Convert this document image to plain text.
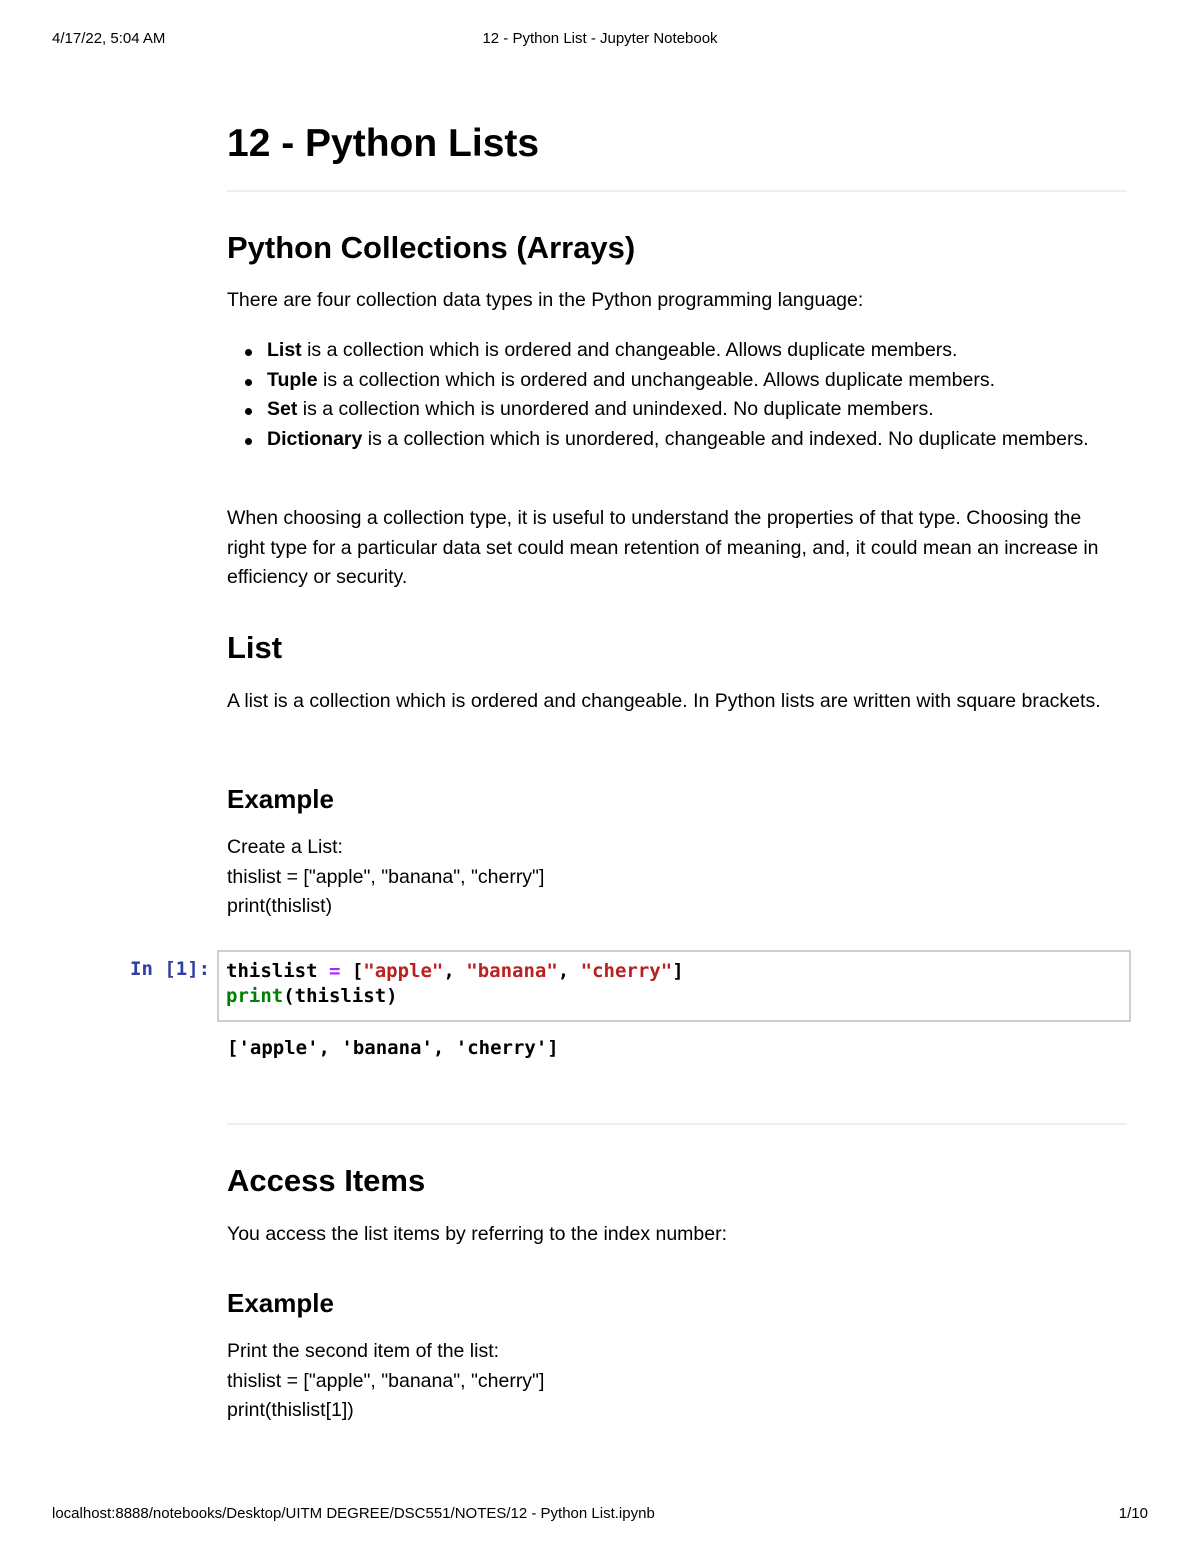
4/17/22, 5:04 AM	12 - Python List - Jupyter Notebook
12 - Python Lists
Python Collections (Arrays)

There are four collection data types in the Python programming language:

List is a collection which is ordered and changeable. Allows duplicate members.
Tuple is a collection which is ordered and unchangeable. Allows duplicate members.
Set is a collection which is unordered and unindexed. No duplicate members.
Dictionary is a collection which is unordered, changeable and indexed. No duplicate members.

When choosing a collection type, it is useful to understand the properties of that type. Choosing the right type for a particular data set could mean retention of meaning, and, it could mean an increase in efficiency or security.

List

A list is a collection which is ordered and changeable. In Python lists are written with square brackets.

Example
Create a List:
thislist = ["apple", "banana", "cherry"]
print(thislist)
Access Items

You access the list items by referring to the index number:

Example
Print the second item of the list:
thislist = ["apple", "banana", "cherry"]
print(thislist[1])
In [1]: thislist = ["apple", "banana", "cherry"]
print(thislist)
['apple', 'banana', 'cherry']
localhost:8888/notebooks/Desktop/UITM DEGREE/DSC551/NOTES/12 - Python List.ipynb	1/10
